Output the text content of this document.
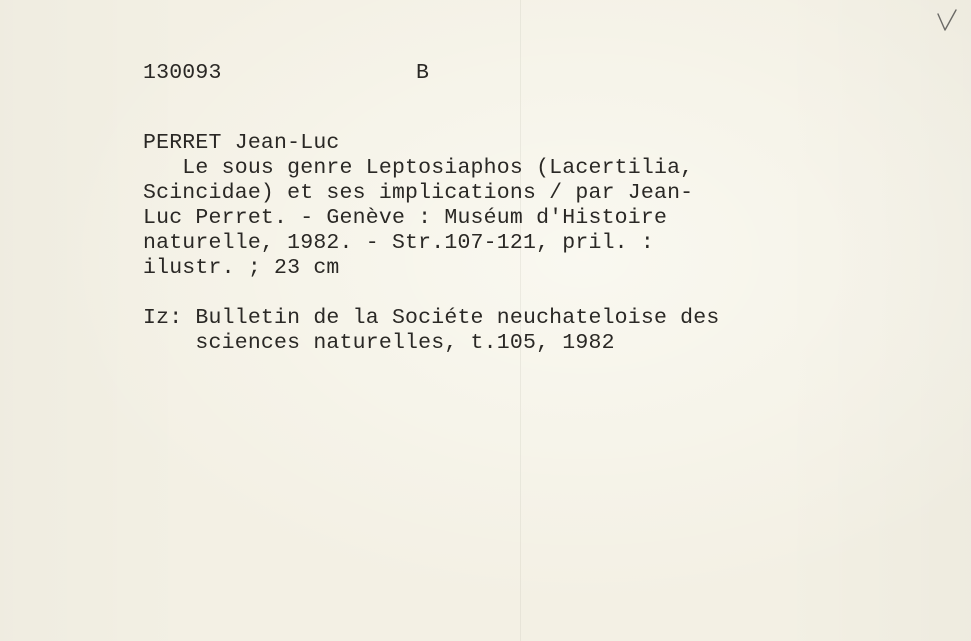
130093	B
PERRET Jean-Luc
Le sous genre Leptosiaphos (Lacertilia,
Scincidae) et ses implications / par Jean-
Luc Perret. - Genève : Muséum d'Histoire
naturelle, 1982. - Str.107-121, pril. :
ilustr. ; 23 cm
Iz: Bulletin de la Sociéte neuchateloise des
sciences naturelles, t.105, 1982
